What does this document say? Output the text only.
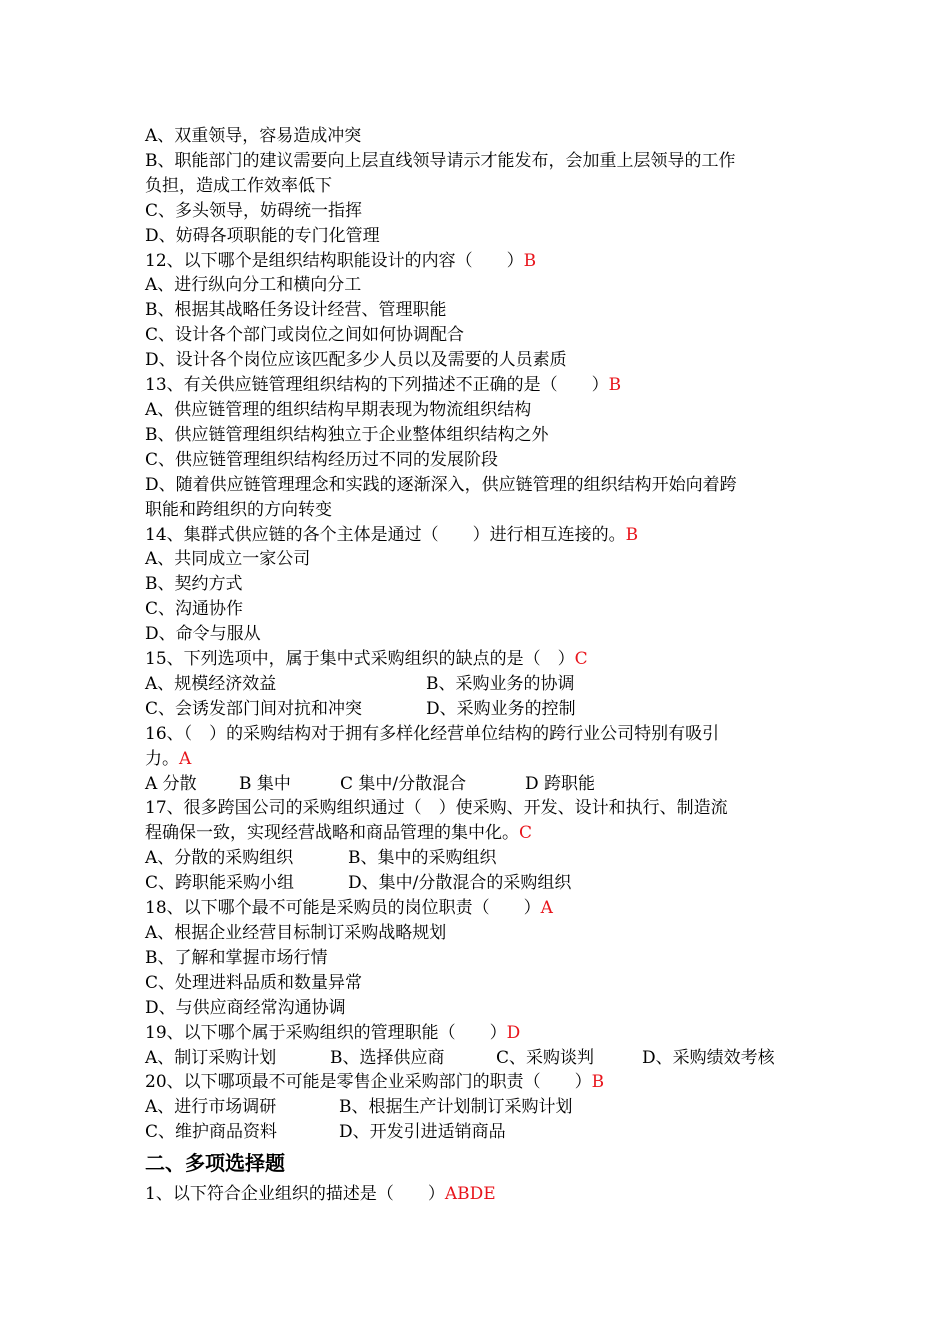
A、双重领导，容易造成冲突
B、职能部门的建议需要向上层直线领导请示才能发布，会加重上层领导的工作
负担，造成工作效率低下
C、多头领导，妨碍统一指挥
D、妨碍各项职能的专门化管理
12、以下哪个是组织结构职能设计的内容（　　）B
A、进行纵向分工和横向分工
B、根据其战略任务设计经营、管理职能
C、设计各个部门或岗位之间如何协调配合
D、设计各个岗位应该匹配多少人员以及需要的人员素质
13、有关供应链管理组织结构的下列描述不正确的是（　　）B
A、供应链管理的组织结构早期表现为物流组织结构
B、供应链管理组织结构独立于企业整体组织结构之外
C、供应链管理组织结构经历过不同的发展阶段
D、随着供应链管理理念和实践的逐渐深入，供应链管理的组织结构开始向着跨
职能和跨组织的方向转变
14、集群式供应链的各个主体是通过（　　）进行相互连接的。B
A、共同成立一家公司
B、契约方式
C、沟通协作
D、命令与服从
15、下列选项中，属于集中式采购组织的缺点的是（　）C
A、规模经济效益	B、采购业务的协调
C、会诱发部门间对抗和冲突	D、采购业务的控制
16、（　）的采购结构对于拥有多样化经营单位结构的跨行业公司特别有吸引
力。A
A 分散	B 集中	C 集中/分散混合	D 跨职能
17、很多跨国公司的采购组织通过（　）使采购、开发、设计和执行、制造流
程确保一致，实现经营战略和商品管理的集中化。C
A、分散的采购组织	B、集中的采购组织
C、跨职能采购小组	D、集中/分散混合的采购组织
18、以下哪个最不可能是采购员的岗位职责（　　）A
A、根据企业经营目标制订采购战略规划
B、了解和掌握市场行情
C、处理进料品质和数量异常
D、与供应商经常沟通协调
19、以下哪个属于采购组织的管理职能（　　）D
A、制订采购计划	B、选择供应商	C、采购谈判	D、采购绩效考核
20、以下哪项最不可能是零售企业采购部门的职责（　　）B
A、进行市场调研	B、根据生产计划制订采购计划
C、维护商品资料	D、开发引进适销商品
二、多项选择题
1、以下符合企业组织的描述是（　　）ABDE
